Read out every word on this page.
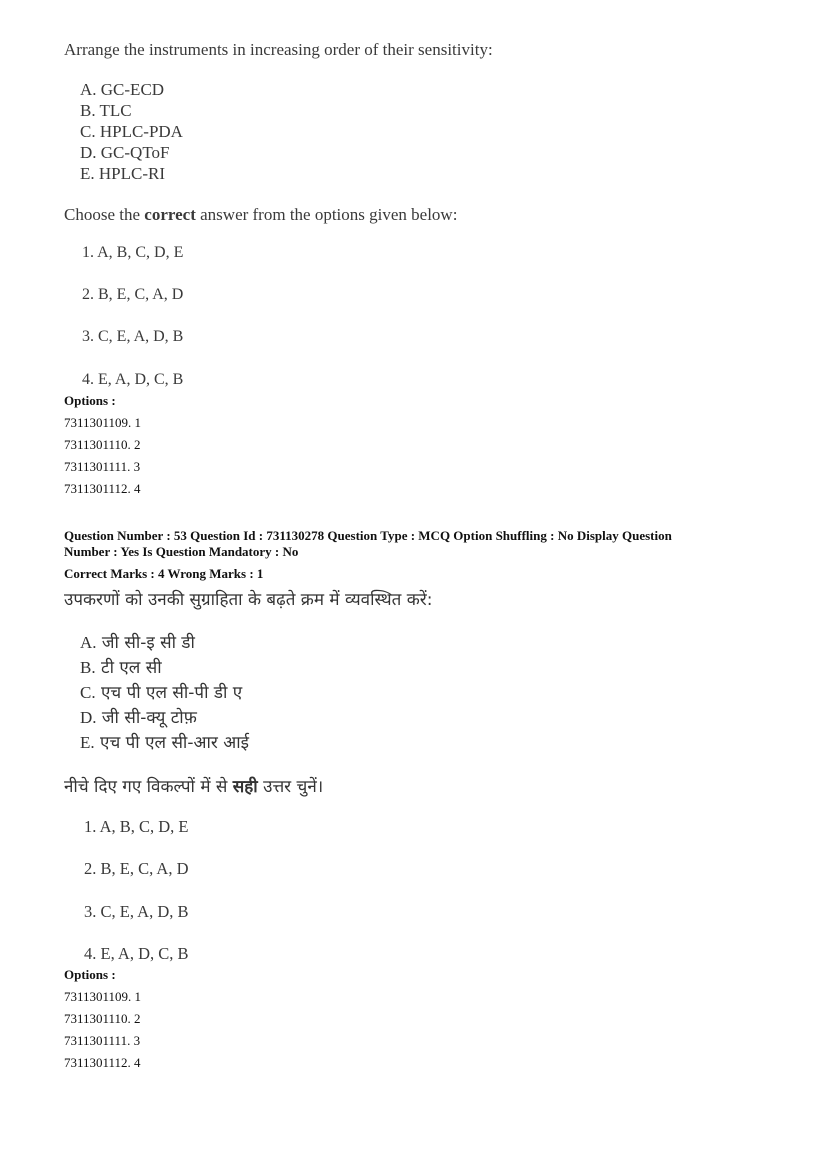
Arrange the instruments in increasing order of their sensitivity:
A. GC-ECD
B. TLC
C. HPLC-PDA
D. GC-QToF
E. HPLC-RI
Choose the correct answer from the options given below:
1. A, B, C, D, E
2. B, E, C, A, D
3. C, E, A, D, B
4. E, A, D, C, B
Options :
7311301109. 1
7311301110. 2
7311301111. 3
7311301112. 4
Question Number : 53 Question Id : 731130278 Question Type : MCQ Option Shuffling : No Display Question
Number : Yes Is Question Mandatory : No
Correct Marks : 4 Wrong Marks : 1
उपकरणों को उनकी सुग्राहिता के बढ़ते क्रम में व्यवस्थित करें:
A. जी सी-इ सी डी
B. टी एल सी
C. एच पी एल सी-पी डी ए
D. जी सी-क्यू टोफ़
E. एच पी एल सी-आर आई
नीचे दिए गए विकल्पों में से सही उत्तर चुनें।
1. A, B, C, D, E
2. B, E, C, A, D
3. C, E, A, D, B
4. E, A, D, C, B
Options :
7311301109. 1
7311301110. 2
7311301111. 3
7311301112. 4
